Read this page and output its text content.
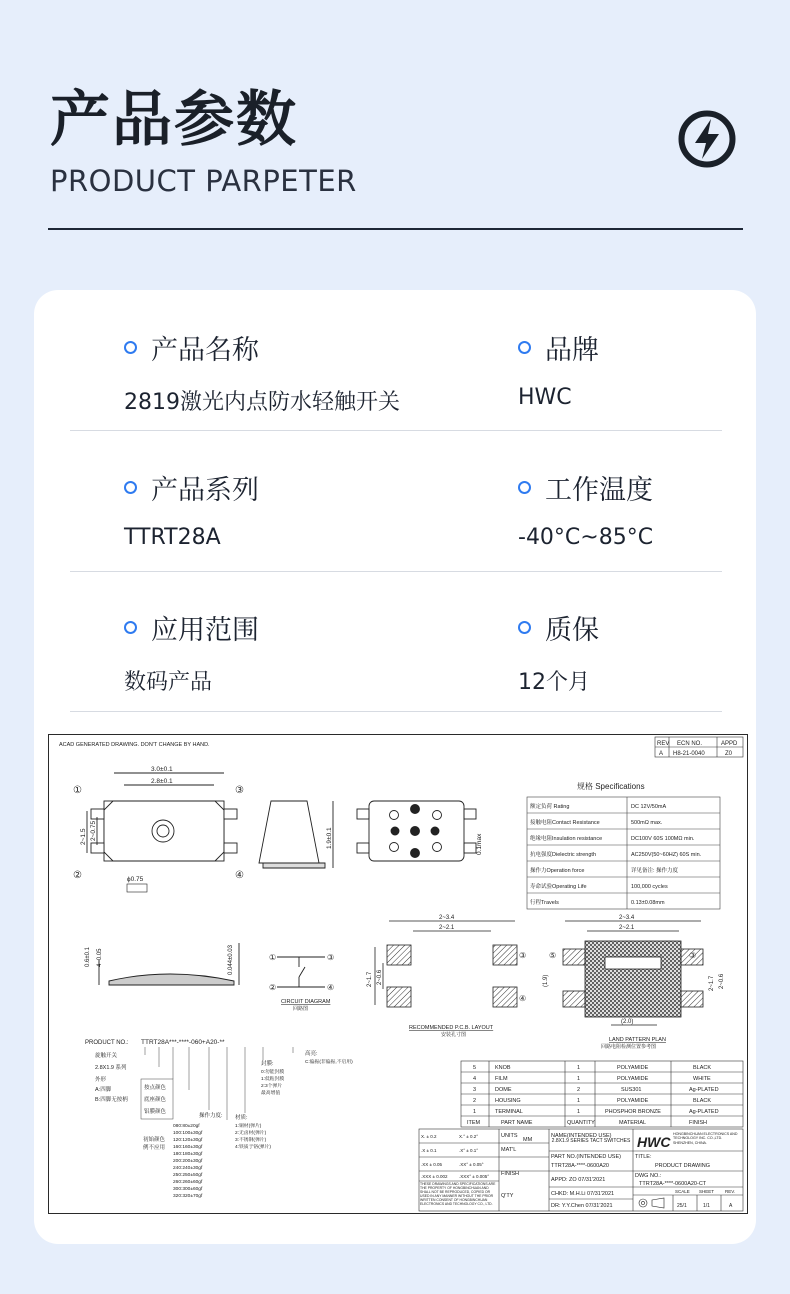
产品参数
PRODUCT PARPETER
产品名称
2819激光内点防水轻触开关
品牌
HWC
产品系列
TTRT28A
工作温度
-40°C~85°C
应用范围
数码产品
质保
12个月
ACAD GENERATED DRAWING. DON'T CHANGE BY HAND.	REV ECN NO.	APPD
A H8-21-0040	Z0
3.0±0.1
2.8±0.1
2~1.5 2~0.75
ɸ0.75
①
②
③
④
1.9±0.1	0.1max
规格 Specifications
额定负荷 Rating	DC 12V/50mA
接触电阻Contact Resistance	500mΩ max.
绝缘电阻Insulation resistance	DC100V 60S 100MΩ min.
抗电强度Dielectric strength	AC250V(50~60HZ) 60S min.
操作力Operation force	详见备注: 操作力度
寿命试验Operating Life	100,000 cycles
行程Travels	0.13±0.08mm
0.6±0.1 4~0.05	0.044±0.03	①
②
③
④
CIRCUIT DIAGRAM
回路图
2~3.4
2~2.1
2~1.7 2~0.6
③
④
RECOMMENDED P.C.B. LAYOUT
安装孔寸图
2~3.4
2~2.1
(1.9)	2~1.7 2~0.6
(2.0)
⑤	③
LAND PATTERN PLAN
回路电阻检测位置参考图
PRODUCT NO.: TTRT28A***-****-060+A20-**
旋触开关
2.8X1.9 系列
外形
A:四脚
B:四脚无按柄
按点颜色
底座颜色
铝膜颜色
初始颜色
例不应用
操作力度:
080:80±20gf
100:100±30gf
120:120±30gf
160:160±30gf
180:180±30gf
200:200±30gf
240:240±30gf
250:250±50gf
260:260±60gf
300:300±60gf
320:320±70gf
材质:
1:铜材(弹片)
2:无卤材(弹片)
3:不锈钢(弹片)
4:铁质于铬(弹片)
封膜:
0:勿能封膜
1:低粘封膜
2:3个弹片
最高增值
高亮:
C:偏振(非偏振,不启用)
5	KNOB	1	POLYAMIDE	BLACK
4	FILM	1	POLYAMIDE	WHITE
3	DOME	2	SUS301	Ag-PLATED
2	HOUSING	1	POLYAMIDE	BLACK
1	TERMINAL	1	PHOSPHOR BRONZE	Ag-PLATED
ITEM	PART NAME	QUANTITY	MATERIAL	FINISH
X. ± 0.2	X.° ± 0.2°
.X ± 0.1	.X° ± 0.1°
.XX ± 0.05	.XX° ± 0.05°
.XXX ± 0.002	.XXX° ± 0.005°
THESE DRAWINGS AND SPECIFICATIONS ARE THE PROPERTY OF HONGBINCHUAN AND SHALL NOT BE REPRODUCED, COPIED OR USED IN ANY MANNER WITHOUT THE PRIOR WRITTEN CONSENT OF HONGBINCHUAN ELECTRONICS AND TECHNOLOGY CO., LTD.
UNITS
MM
MAT'L
FINISH
Q'TY
NAME(INTENDED USE)
2.8X1.9 SERIES TACT SWITCHES HWC HONGBINCHUAN ELECTRONICS AND TECHNOLOGY INC. CO.,LTD. SHENZHEN, CHINA.
PART NO.(INTENDED USE)
TTRT28A-****-0600A20
TITLE:
PRODUCT DRAWING
APPD: ZO 07/31'2021
CHKD: M.H.Li 07/31'2021
DR: Y.Y.Chen 07/31'2021
DWG NO.:
TTRT28A-****-0600A20-CT
SCALE
25/1
SHEET
1/1
REV.
A
